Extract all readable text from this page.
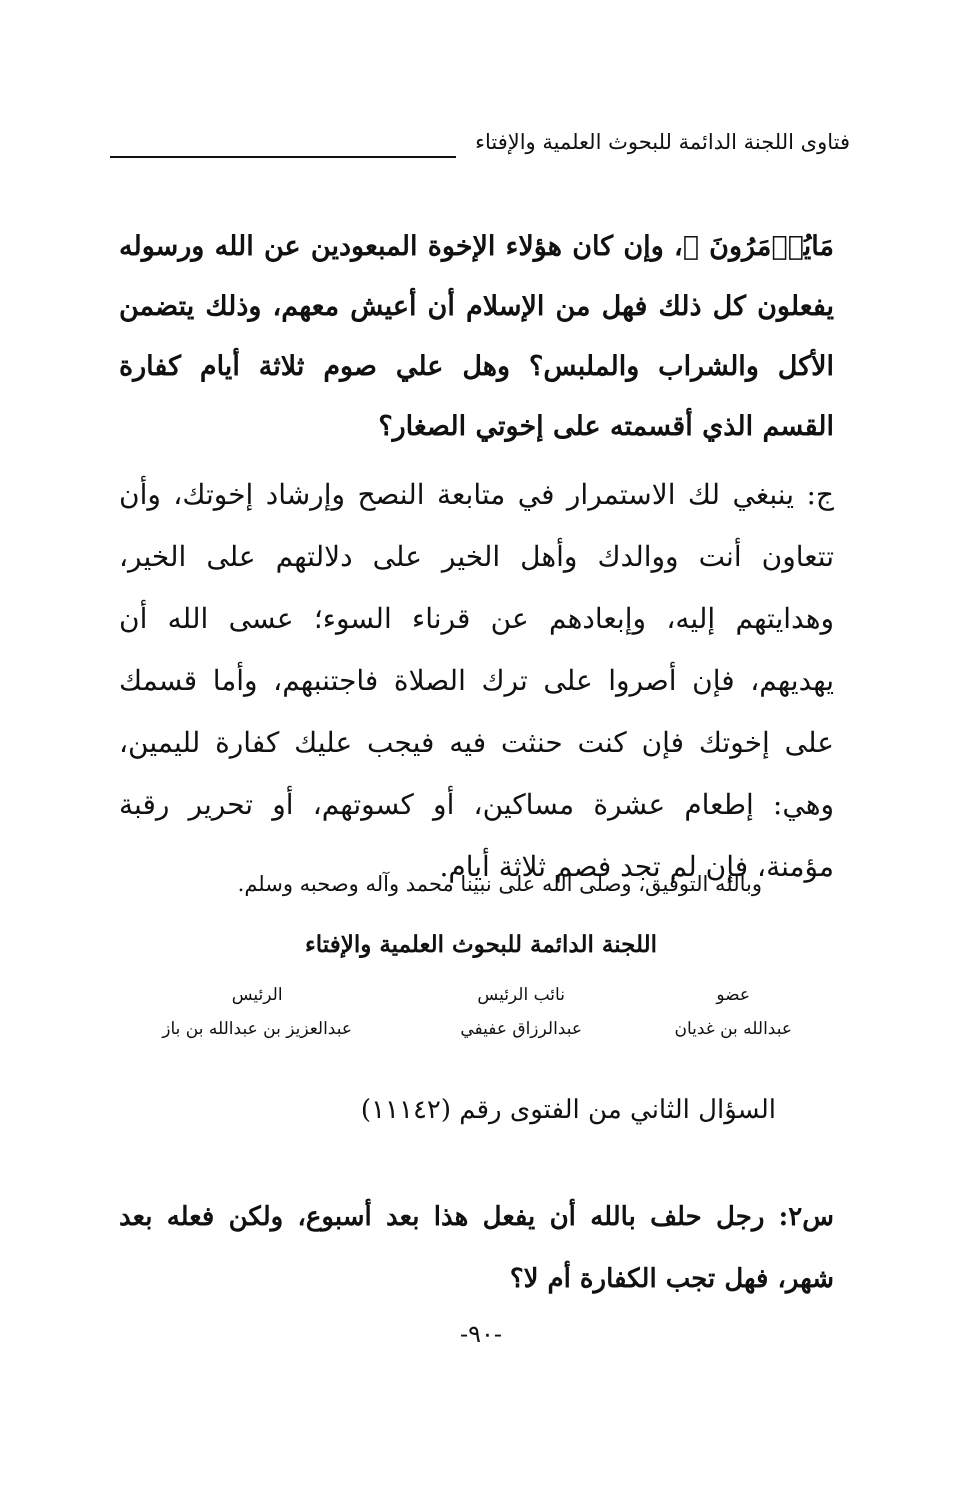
فتاوى اللجنة الدائمة للبحوث العلمية والإفتاء

مَايُؤۡمَرُونَ ﴾، وإن كان هؤلاء الإخوة المبعودين عن الله ورسوله يفعلون كل ذلك فهل من الإسلام أن أعيش معهم، وذلك يتضمن الأكل والشراب والملبس؟ وهل علي صوم ثلاثة أيام كفارة القسم الذي أقسمته على إخوتي الصغار؟

ج: ينبغي لك الاستمرار في متابعة النصح وإرشاد إخوتك، وأن تتعاون أنت ووالدك وأهل الخير على دلالتهم على الخير، وهدايتهم إليه، وإبعادهم عن قرناء السوء؛ عسى الله أن يهديهم، فإن أصروا على ترك الصلاة فاجتنبهم، وأما قسمك على إخوتك فإن كنت حنثت فيه فيجب عليك كفارة لليمين، وهي: إطعام عشرة مساكين، أو كسوتهم، أو تحرير رقبة مؤمنة، فإن لم تجد فصم ثلاثة أيام.

وبالله التوفيق، وصلى الله على نبينا محمد وآله وصحبه وسلم.
اللجنة الدائمة للبحوث العلمية والإفتاء
عضو
عبدالله بن غديان
نائب الرئيس
عبدالرزاق عفيفي
الرئيس
عبدالعزيز بن عبدالله بن باز
السؤال الثاني من الفتوى رقم (١١١٤٢)

س٢: رجل حلف بالله أن يفعل هذا بعد أسبوع، ولكن فعله بعد شهر، فهل تجب الكفارة أم لا؟

-٩٠-
